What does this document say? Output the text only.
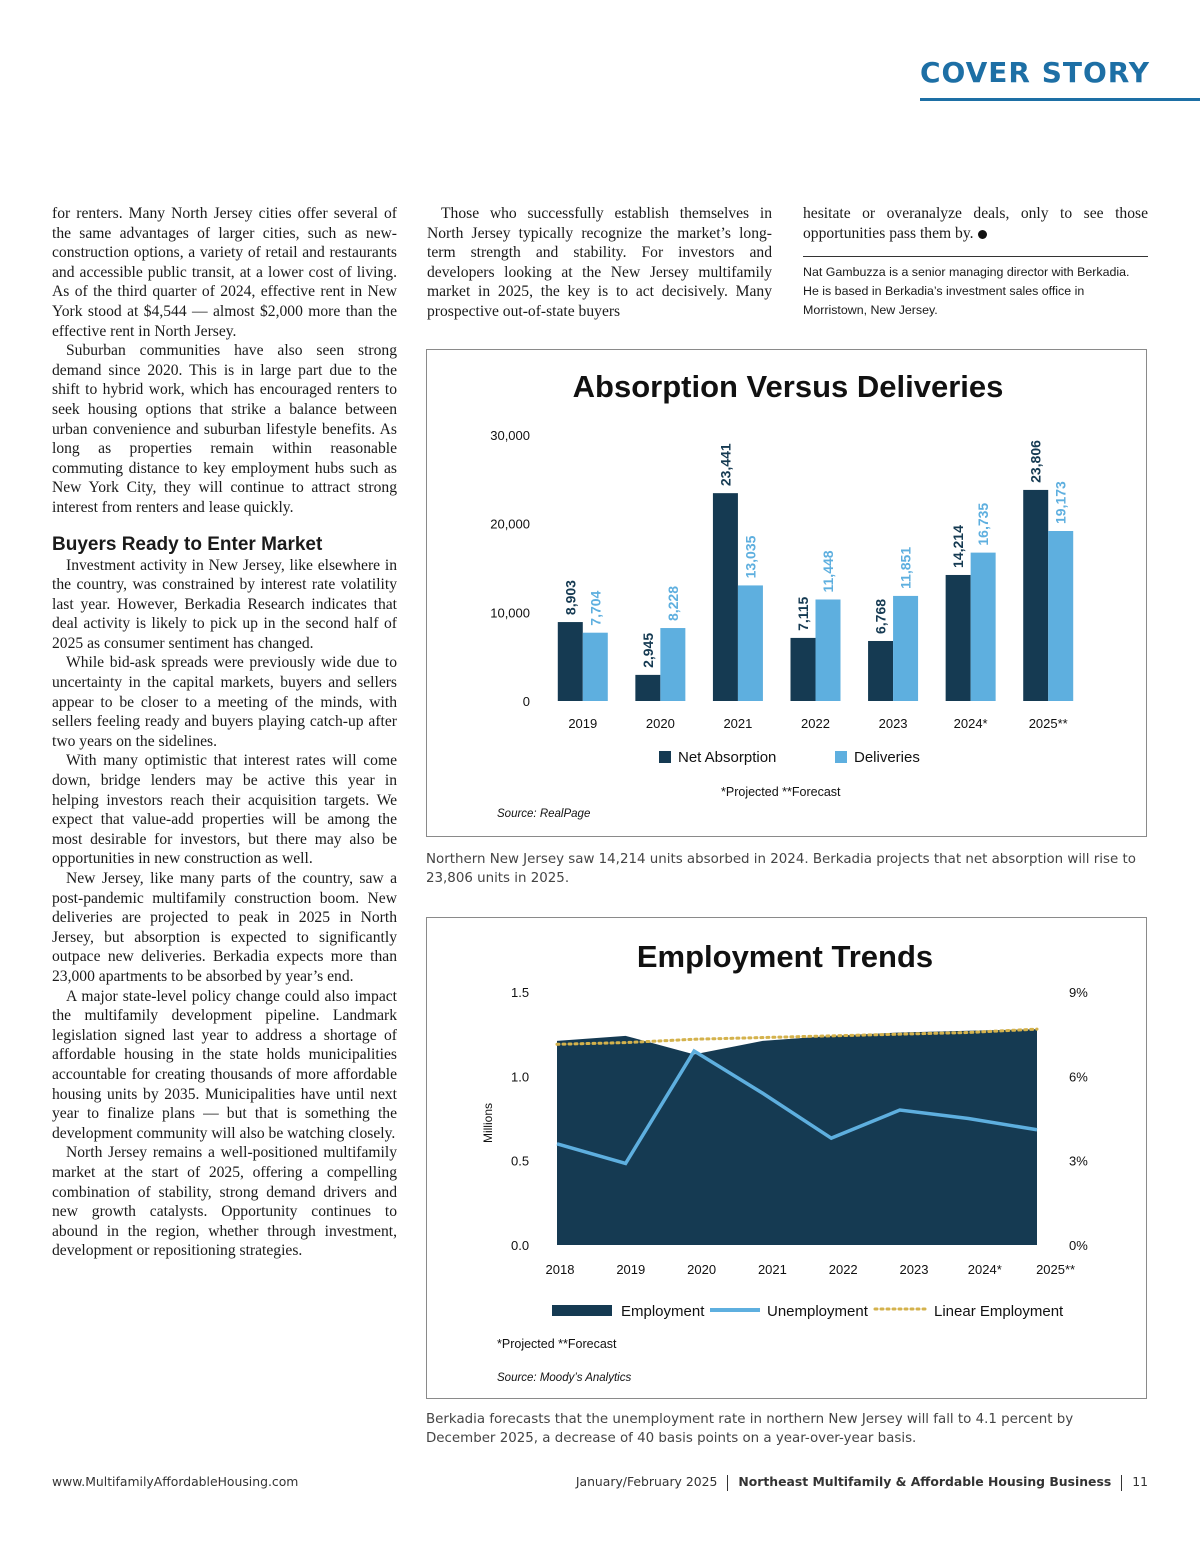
COVER STORY

for renters. Many North Jersey cities offer several of the same advantages of larger cities, such as new-construction options, a variety of retail and restaurants and accessible public transit, at a lower cost of living. As of the third quarter of 2024, effective rent in New York stood at $4,544 — almost $2,000 more than the effective rent in North Jersey.

Suburban communities have also seen strong demand since 2020. This is in large part due to the shift to hybrid work, which has encouraged renters to seek housing options that strike a balance between urban convenience and suburban lifestyle benefits. As long as properties remain within reasonable commuting distance to key employment hubs such as New York City, they will continue to attract strong interest from renters and lease quickly.

Buyers Ready to Enter Market

Investment activity in New Jersey, like elsewhere in the country, was constrained by interest rate volatility last year. However, Berkadia Research indicates that deal activity is likely to pick up in the second half of 2025 as consumer sentiment has changed.

While bid-ask spreads were previously wide due to uncertainty in the capital markets, buyers and sellers appear to be closer to a meeting of the minds, with sellers feeling ready and buyers playing catch-up after two years on the sidelines.

With many optimistic that interest rates will come down, bridge lenders may be active this year in helping investors reach their acquisition targets. We expect that value-add properties will be among the most desirable for investors, but there may also be opportunities in new construction as well.

New Jersey, like many parts of the country, saw a post-pandemic multifamily construction boom. New deliveries are projected to peak in 2025 in North Jersey, but absorption is expected to significantly outpace new deliveries. Berkadia expects more than 23,000 apartments to be absorbed by year’s end.

A major state-level policy change could also impact the multifamily development pipeline. Landmark legislation signed last year to address a shortage of affordable housing in the state holds municipalities accountable for creating thousands of more affordable housing units by 2035. Municipalities have until next year to finalize plans — but that is something the development community will also be watching closely.

North Jersey remains a well-positioned multifamily market at the start of 2025, offering a compelling combination of stability, strong demand drivers and new growth catalysts. Opportunity continues to abound in the region, whether through investment, development or repositioning strategies.

Those who successfully establish themselves in North Jersey typically recognize the market’s long-term strength and stability. For investors and developers looking at the New Jersey multifamily market in 2025, the key is to act decisively. Many prospective out-of-state buyers

hesitate or overanalyze deals, only to see those opportunities pass them by.

Nat Gambuzza is a senior managing director with Berkadia.
He is based in Berkadia’s investment sales office in Morristown, New Jersey.
Absorption Versus Deliveries
0
10,000
20,000
30,000
8,903 7,704
2019
2,945
8,228
2020
23,441
13,035
2021
7,115
11,448
2022
6,768
11,851
2023
14,214
16,735
2024*
23,806
19,173
2025**
Net Absorption	Deliveries
*Projected **Forecast
Source: RealPage
Northern New Jersey saw 14,214 units absorbed in 2024. Berkadia projects that net absorption will rise to 23,806 units in 2025.
Employment Trends
0.0
0.5
1.0
1.5
0%
3%
6%
9%
Millions
2018	2019	2020	2021	2022	2023	2024*	2025**
Employment	Unemployment	Linear Employment
*Projected **Forecast
Source: Moody’s Analytics
Berkadia forecasts that the unemployment rate in northern New Jersey will fall to 4.1 percent by December 2025, a decrease of 40 basis points on a year-over-year basis.
www.MultifamilyAffordableHousing.com	January/February 2025 Northeast Multifamily & Affordable Housing Business 11
